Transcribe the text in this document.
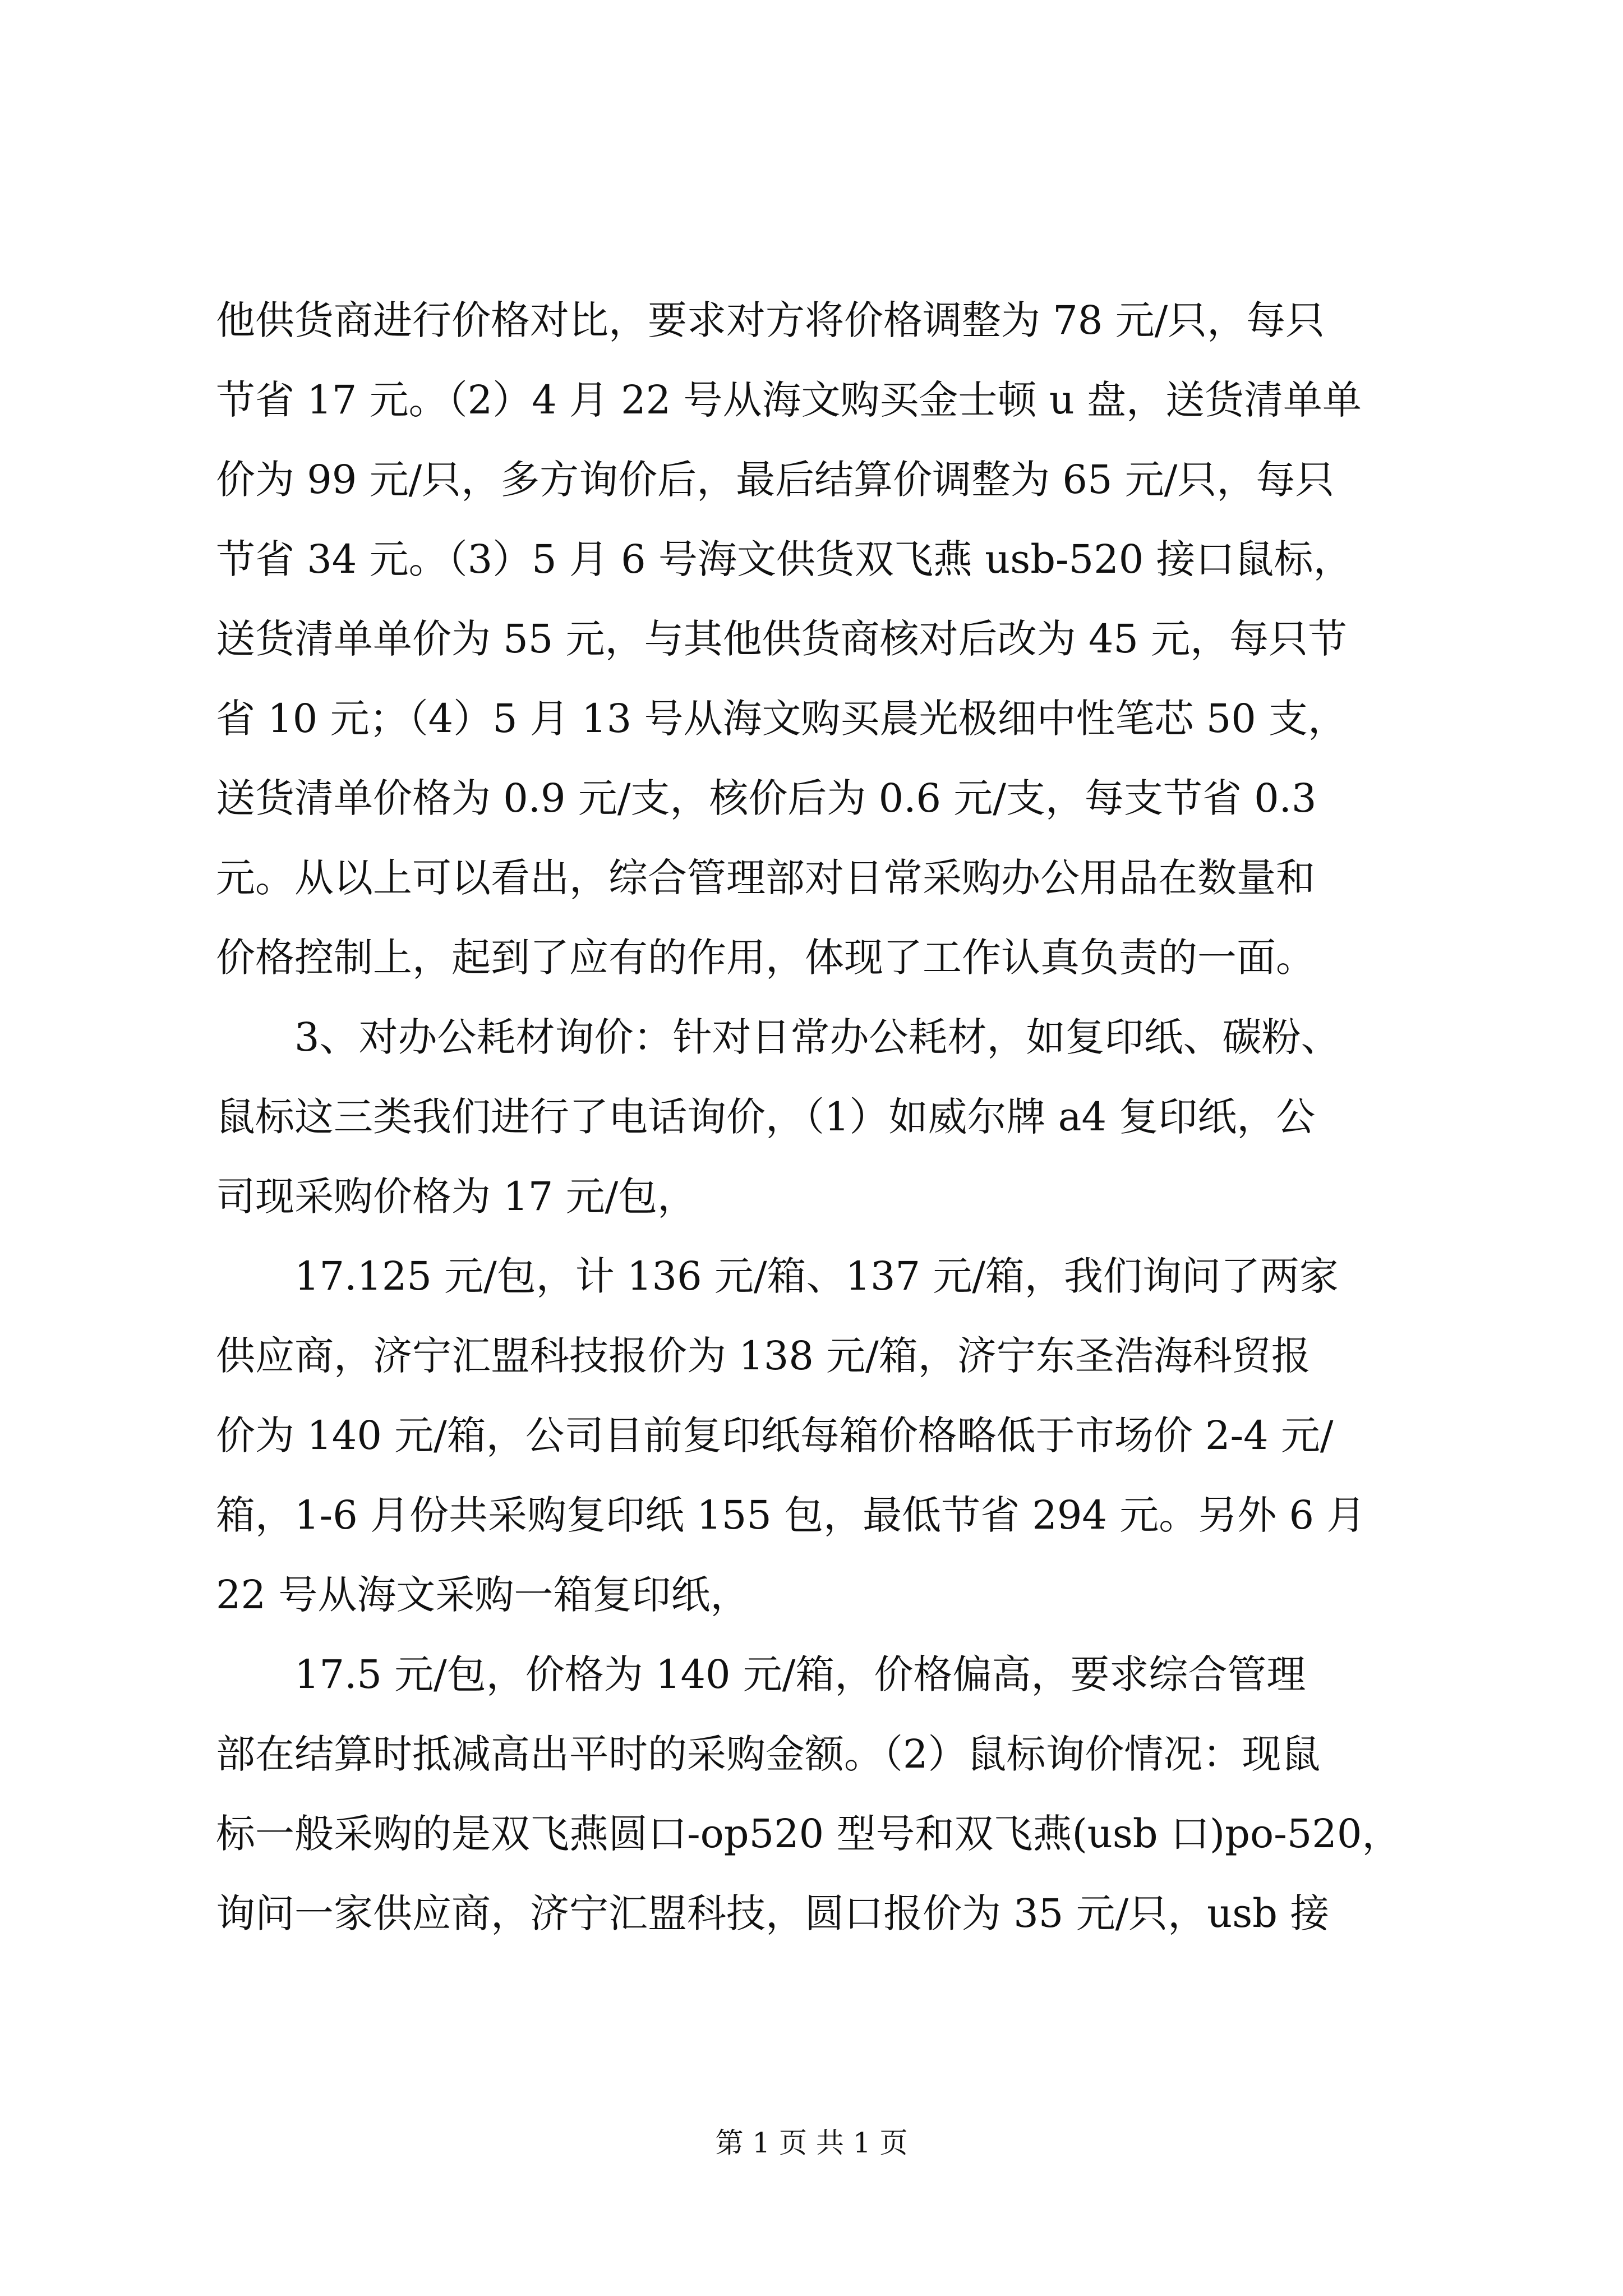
他供货商进行价格对比，要求对方将价格调整为 78 元/只，每只
节省 17 元。（2）4 月 22 号从海文购买金士顿 u 盘，送货清单单
价为 99 元/只，多方询价后，最后结算价调整为 65 元/只，每只
节省 34 元。（3）5 月 6 号海文供货双飞燕 usb-520 接口鼠标，
送货清单单价为 55 元，与其他供货商核对后改为 45 元，每只节
省 10 元；（4）5 月 13 号从海文购买晨光极细中性笔芯 50 支，
送货清单价格为 0.9 元/支，核价后为 0.6 元/支，每支节省 0.3
元。从以上可以看出，综合管理部对日常采购办公用品在数量和
价格控制上，起到了应有的作用，体现了工作认真负责的一面。
3、对办公耗材询价：针对日常办公耗材，如复印纸、碳粉、
鼠标这三类我们进行了电话询价，（1）如威尔牌 a4 复印纸，公
司现采购价格为 17 元/包，
17.125 元/包，计 136 元/箱、137 元/箱，我们询问了两家
供应商，济宁汇盟科技报价为 138 元/箱，济宁东圣浩海科贸报
价为 140 元/箱，公司目前复印纸每箱价格略低于市场价 2-4 元/
箱，1-6 月份共采购复印纸 155 包，最低节省 294 元。另外 6 月
22 号从海文采购一箱复印纸，
17.5 元/包，价格为 140 元/箱，价格偏高，要求综合管理
部在结算时抵减高出平时的采购金额。（2）鼠标询价情况：现鼠
标一般采购的是双飞燕圆口-op520 型号和双飞燕(usb 口)po-520，
询问一家供应商，济宁汇盟科技，圆口报价为 35 元/只，usb 接
第 1 页 共 1 页
